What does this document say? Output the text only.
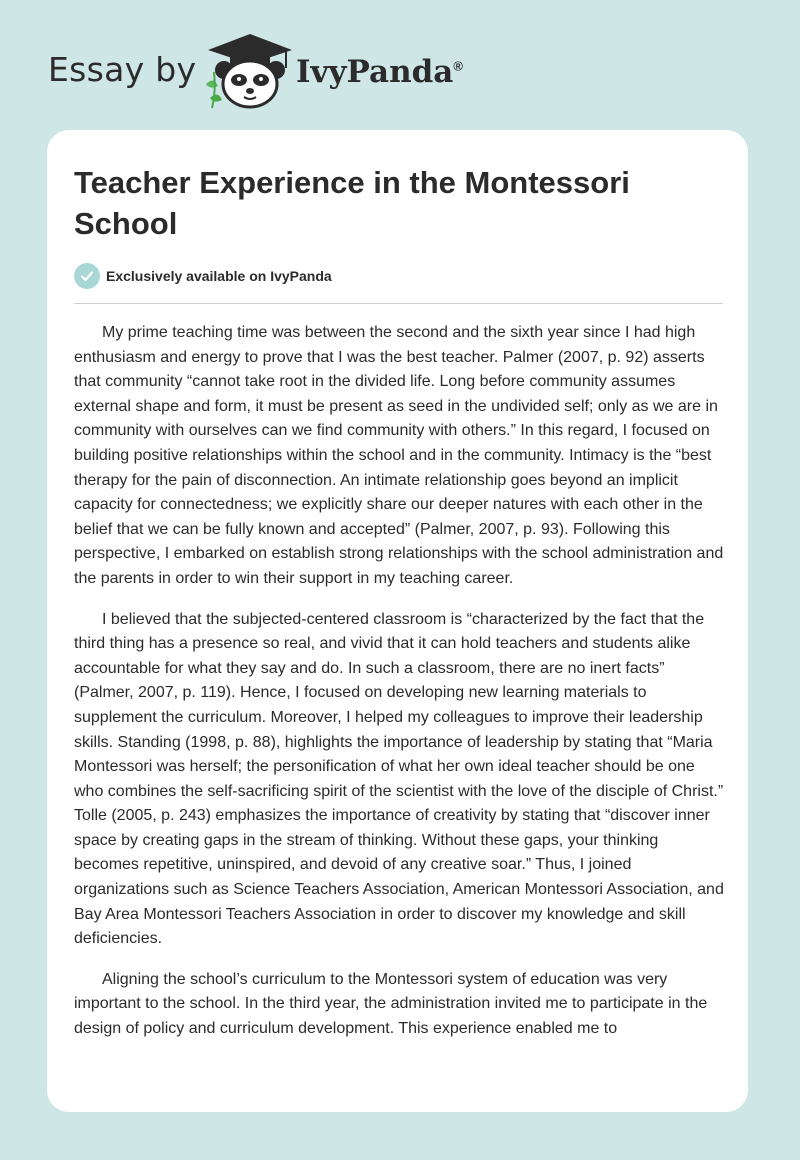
Essay by	IvyPanda®
Teacher Experience in the Montessori School
Exclusively available on IvyPanda

My prime teaching time was between the second and the sixth year since I had high enthusiasm and energy to prove that I was the best teacher. Palmer (2007, p. 92) asserts that community “cannot take root in the divided life. Long before community assumes external shape and form, it must be present as seed in the undivided self; only as we are in community with ourselves can we find community with others.” In this regard, I focused on building positive relationships within the school and in the community. Intimacy is the “best therapy for the pain of disconnection. An intimate relationship goes beyond an implicit capacity for connectedness; we explicitly share our deeper natures with each other in the belief that we can be fully known and accepted” (Palmer, 2007, p. 93). Following this perspective, I embarked on establish strong relationships with the school administration and the parents in order to win their support in my teaching career.

I believed that the subjected-centered classroom is “characterized by the fact that the third thing has a presence so real, and vivid that it can hold teachers and students alike accountable for what they say and do. In such a classroom, there are no inert facts” (Palmer, 2007, p. 119). Hence, I focused on developing new learning materials to supplement the curriculum. Moreover, I helped my colleagues to improve their leadership skills. Standing (1998, p. 88), highlights the importance of leadership by stating that “Maria Montessori was herself; the personification of what her own ideal teacher should be one who combines the self-sacrificing spirit of the scientist with the love of the disciple of Christ.” Tolle (2005, p. 243) emphasizes the importance of creativity by stating that “discover inner space by creating gaps in the stream of thinking. Without these gaps, your thinking becomes repetitive, uninspired, and devoid of any creative soar.” Thus, I joined organizations such as Science Teachers Association, American Montessori Association, and Bay Area Montessori Teachers Association in order to discover my knowledge and skill deficiencies.

Aligning the school’s curriculum to the Montessori system of education was very important to the school. In the third year, the administration invited me to participate in the design of policy and curriculum development. This experience enabled me to
